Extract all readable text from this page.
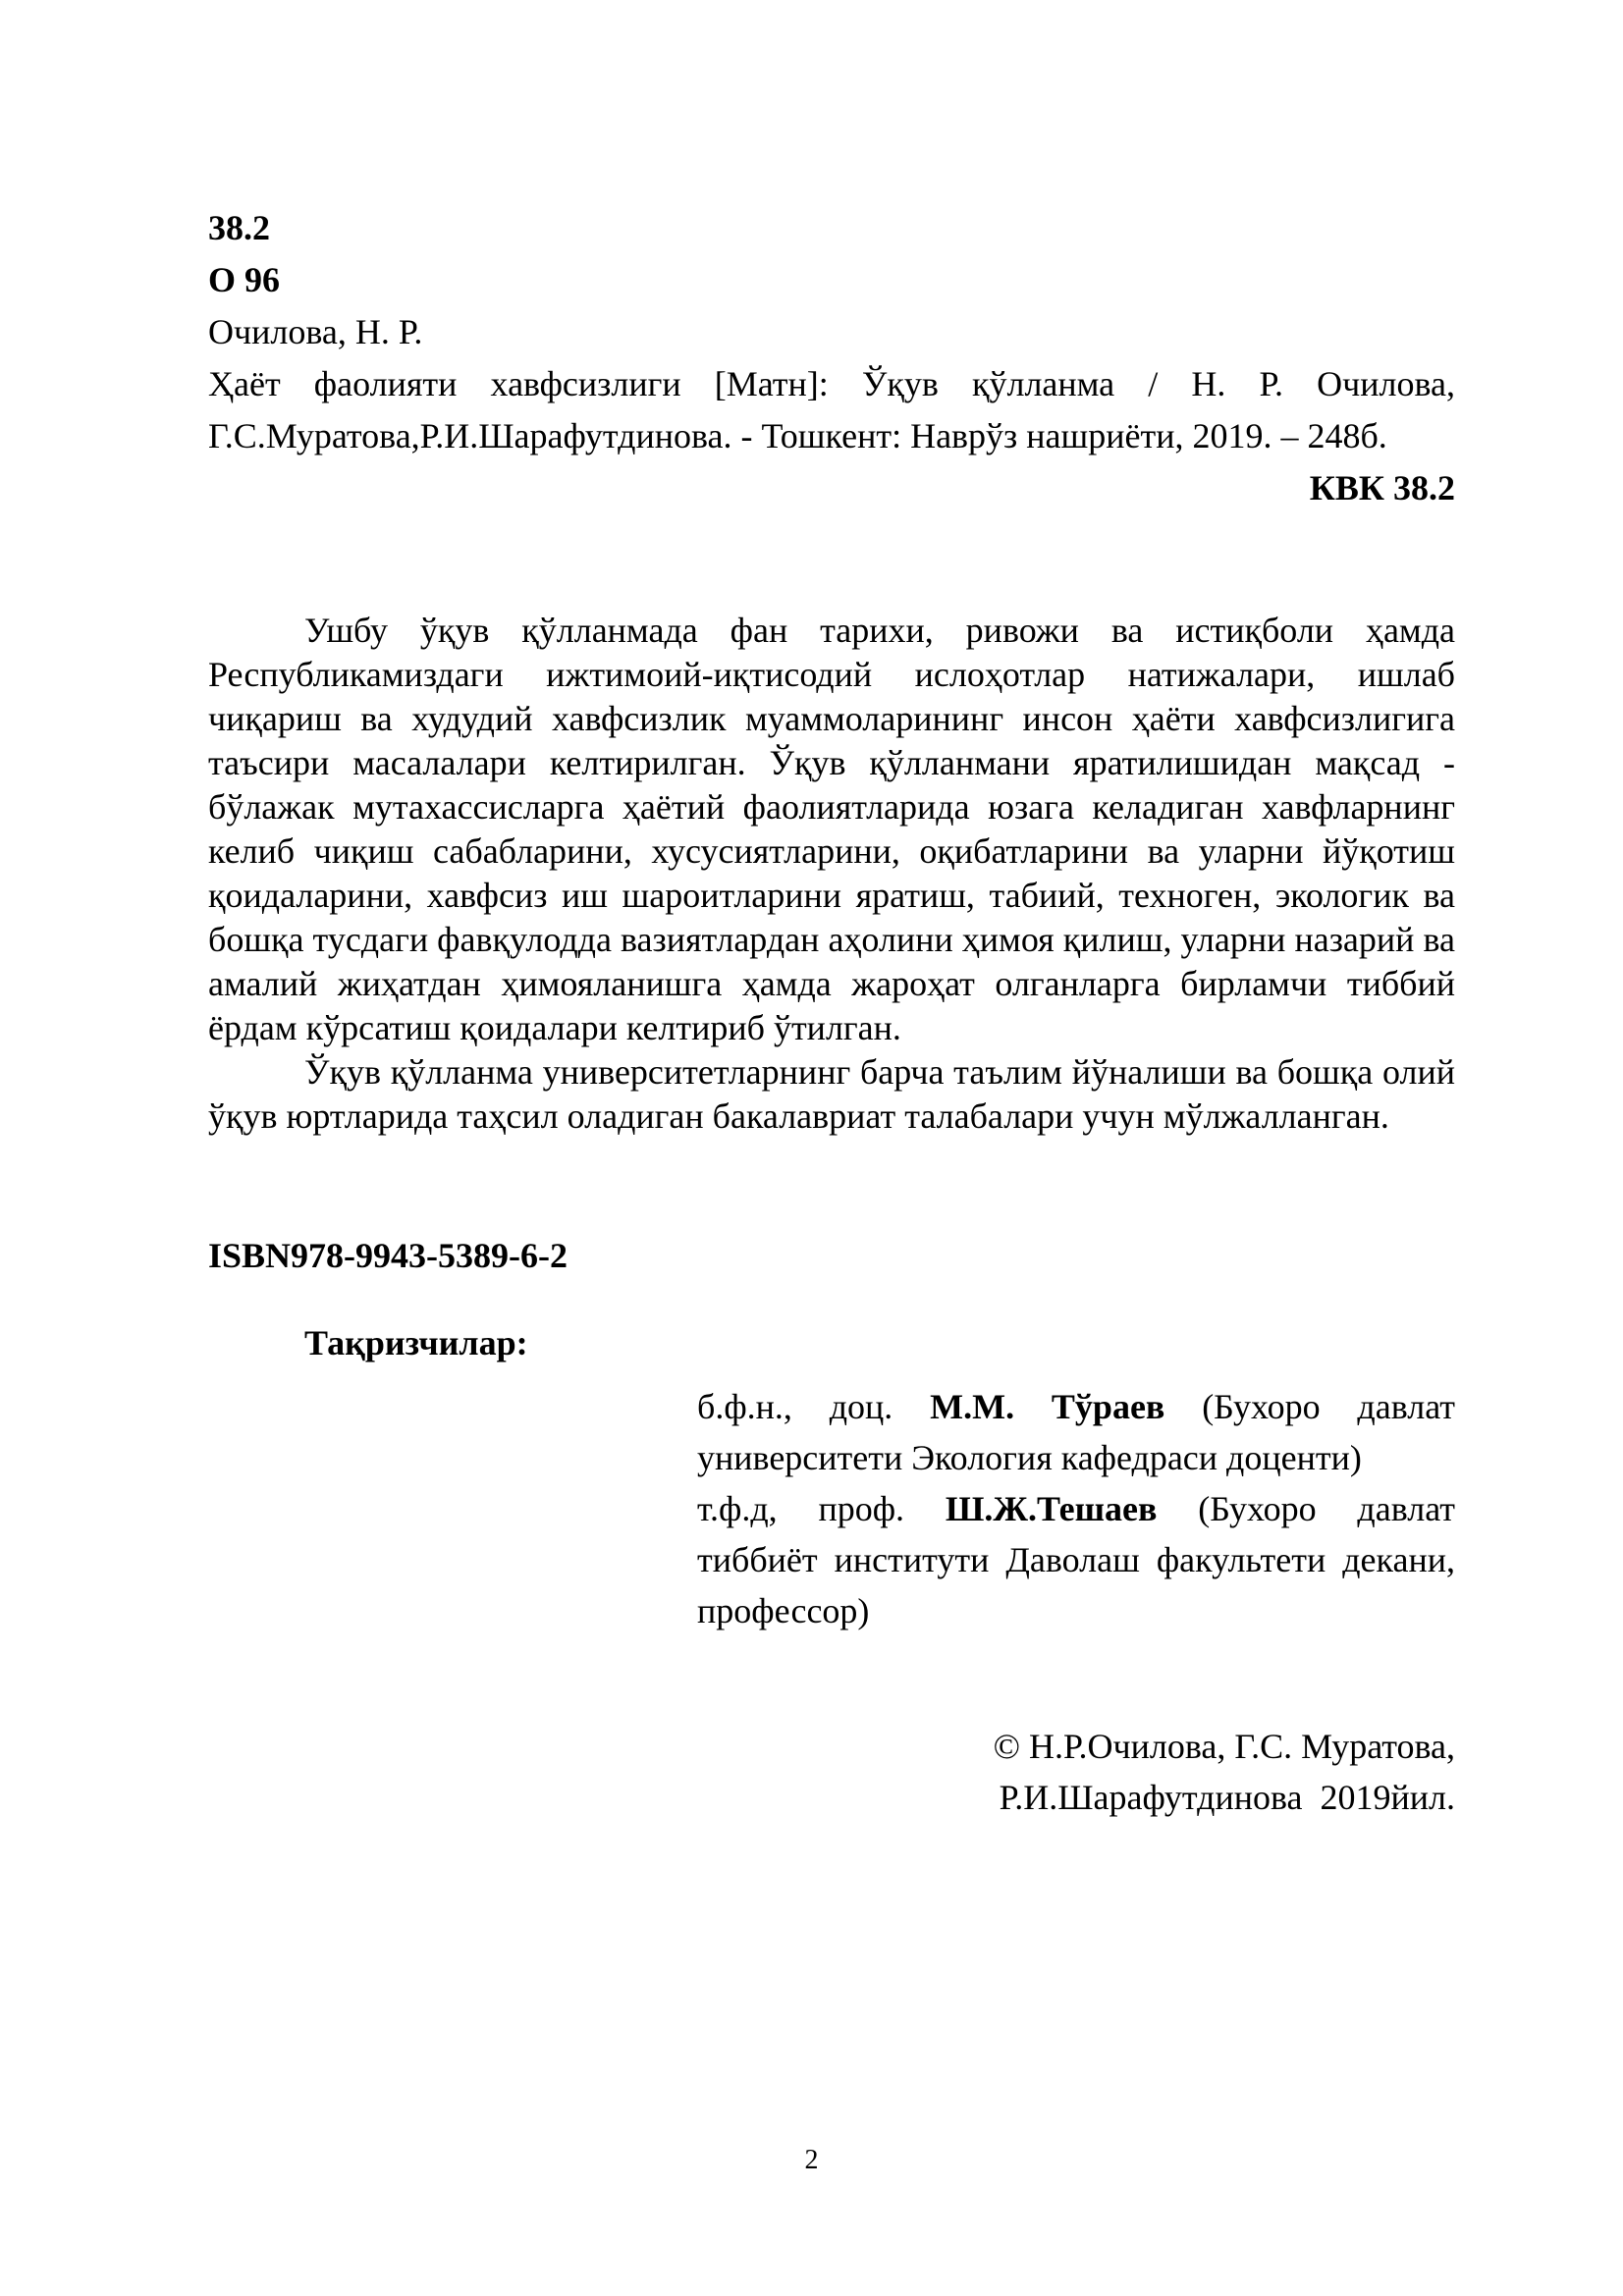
38.2
O 96
Очилова, Н. Р.
Ҳаёт фаолияти хавфсизлиги [Матн]: Ўқув қўлланма / Н. Р. Очилова, Г.С.Муратова,Р.И.Шарафутдинова. - Тошкент: Наврўз нашриёти, 2019. – 248б.
КВК 38.2
Ушбу ўқув қўлланмада фан тарихи, ривожи ва истиқболи ҳамда Республикамиздаги ижтимоий-иқтисодий ислоҳотлар натижалари, ишлаб чиқариш ва худудий хавфсизлик муаммоларининг инсон ҳаёти хавфсизлигига таъсири масалалари келтирилган. Ўқув қўлланмани яратилишидан мақсад - бўлажак мутахассисларга ҳаётий фаолиятларида юзага келадиган хавфларнинг келиб чиқиш сабабларини, хусусиятларини, оқибатларини ва уларни йўқотиш қоидаларини, хавфсиз иш шароитларини яратиш, табиий, техноген, экологик ва бошқа тусдаги фавқулодда вазиятлардан аҳолини ҳимоя қилиш, уларни назарий ва амалий жиҳатдан ҳимояланишга ҳамда жароҳат олганларга бирламчи тиббий ёрдам кўрсатиш қоидалари келтириб ўтилган.
Ўқув қўлланма университетларнинг барча таълим йўналиши ва бошқа олий ўқув юртларида таҳсил оладиган бакалавриат талабалари учун мўлжалланган.
ISBN978-9943-5389-6-2
Тақризчилар:
б.ф.н., доц. М.М. Тўраев (Бухоро давлат университети Экология кафедраси доценти)
т.ф.д, проф. Ш.Ж.Тешаев (Бухоро давлат тиббиёт институти Даволаш факультети декани, профессор)
© Н.Р.Очилова, Г.С. Муратова,
Р.И.Шарафутдинова  2019йил.
2
